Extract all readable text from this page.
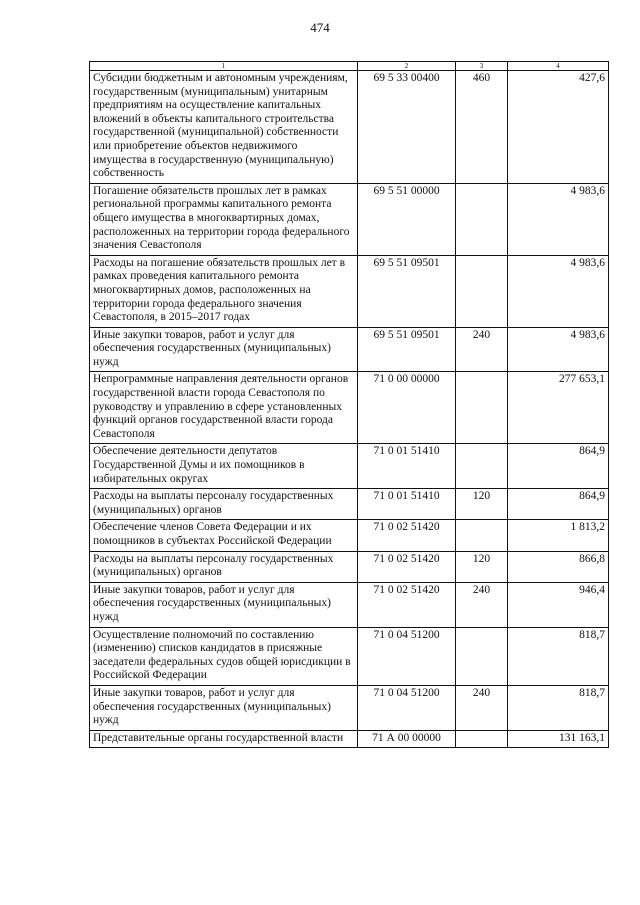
474
1	2	3	4
Субсидии бюджетным и автономным учреждениям, государственным (муниципальным) унитарным предприятиям на осуществление капитальных вложений в объекты капитального строительства государственной (муниципальной) собственности или приобретение объектов недвижимого имущества в государственную (муниципальную) собственность	69 5 33 00400	460	427,6
Погашение обязательств прошлых лет в рамках региональной программы капитального ремонта общего имущества в многоквартирных домах, расположенных на территории города федерального значения Севастополя	69 5 51 00000		4 983,6
Расходы на погашение обязательств прошлых лет в рамках проведения капитального ремонта многоквартирных домов, расположенных на территории города федерального значения Севастополя, в 2015–2017 годах	69 5 51 09501		4 983,6
Иные закупки товаров, работ и услуг для обеспечения государственных (муниципальных) нужд	69 5 51 09501	240	4 983,6
Непрограммные направления деятельности органов государственной власти города Севастополя по руководству и управлению в сфере установленных функций органов государственной власти города Севастополя	71 0 00 00000		277 653,1
Обеспечение деятельности депутатов Государственной Думы и их помощников в избирательных округах	71 0 01 51410		864,9
Расходы на выплаты персоналу государственных (муниципальных) органов	71 0 01 51410	120	864,9
Обеспечение членов Совета Федерации и их помощников в субъектах Российской Федерации	71 0 02 51420		1 813,2
Расходы на выплаты персоналу государственных (муниципальных) органов	71 0 02 51420	120	866,8
Иные закупки товаров, работ и услуг для обеспечения государственных (муниципальных) нужд	71 0 02 51420	240	946,4
Осуществление полномочий по составлению (изменению) списков кандидатов в присяжные заседатели федеральных судов общей юрисдикции в Российской Федерации	71 0 04 51200		818,7
Иные закупки товаров, работ и услуг для обеспечения государственных (муниципальных) нужд	71 0 04 51200	240	818,7
Представительные органы государственной власти	71 А 00 00000		131 163,1
